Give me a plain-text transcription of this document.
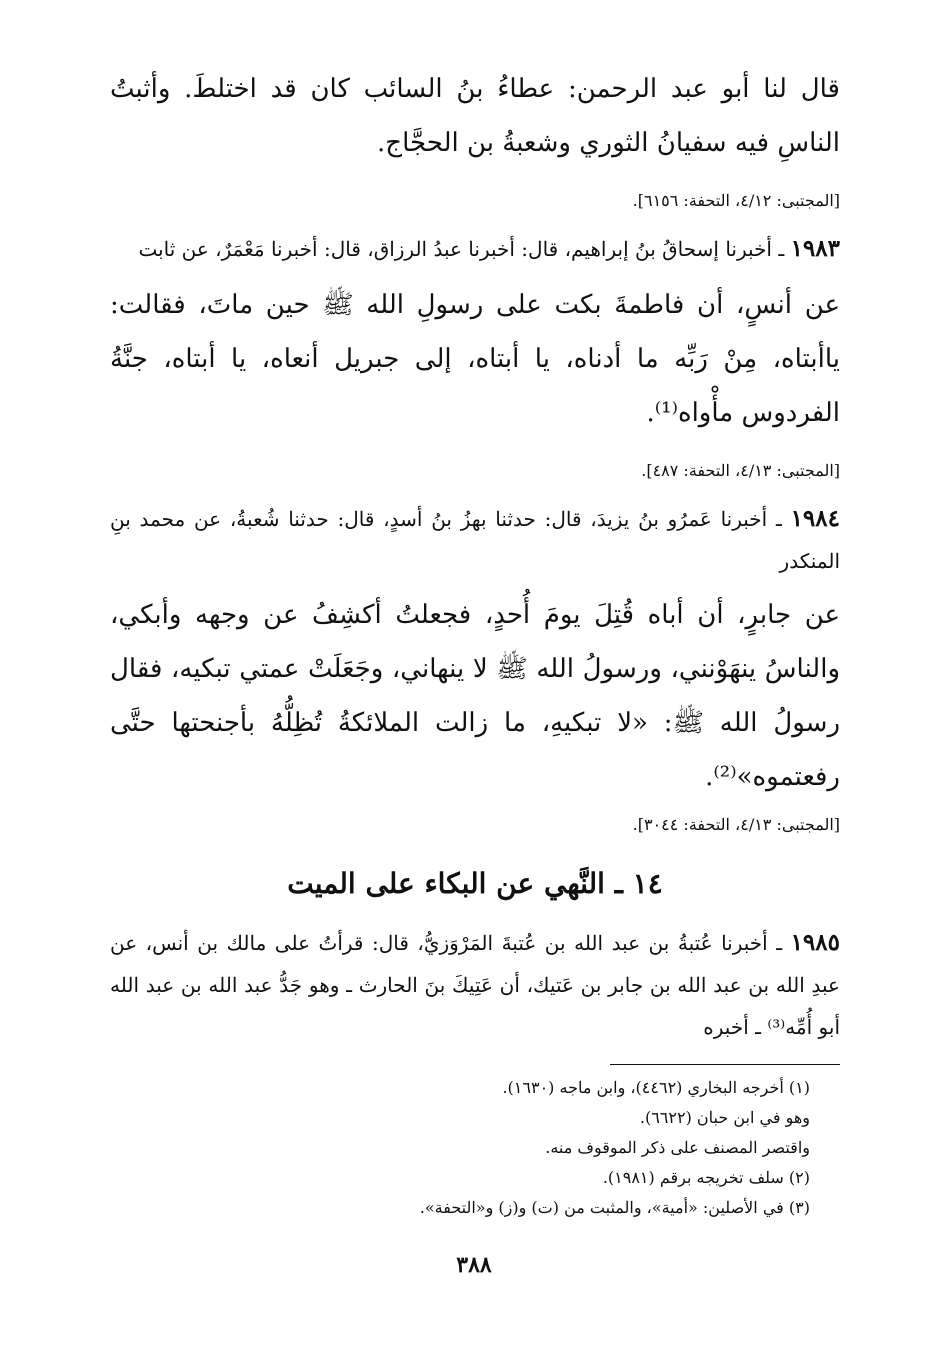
قال لنا أبو عبد الرحمن: عطاءُ بنُ السائب كان قد اختلطَ. وأثبتُ الناسِ فيه سفيانُ الثوري وشعبةُ بن الحجَّاج.

[المجتبى: ٤/١٢، التحفة: ٦١٥٦].

١٩٨٣ ـ أخبرنا إسحاقُ بنُ إبراهيم، قال: أخبرنا عبدُ الرزاق، قال: أخبرنا مَعْمَرٌ، عن ثابت

عن أنسٍ، أن فاطمةَ بكت على رسولِ الله ﷺ حين ماتَ، فقالت: ياأبتاه، مِنْ رَبِّه ما أدناه، يا أبتاه، إلى جبريل أنعاه، يا أبتاه، جنَّةُ الفردوس مأْواه⁽¹⁾.

[المجتبى: ٤/١٣، التحفة: ٤٨٧].

١٩٨٤ ـ أخبرنا عَمرُو بنُ يزيدَ، قال: حدثنا بهزُ بنُ أسدٍ، قال: حدثنا شُعبةُ، عن محمد بنِ المنكدر

عن جابرٍ، أن أباه قُتِلَ يومَ أُحدٍ، فجعلتُ أكشِفُ عن وجهه وأبكي، والناسُ ينهَوْنني، ورسولُ الله ﷺ لا ينهاني، وجَعَلَتْ عمتي تبكيه، فقال رسولُ الله ﷺ: «لا تبكيهِ، ما زالت الملائكةُ تُظِلُّهُ بأجنحتها حتَّى رفعتموه»⁽²⁾.

[المجتبى: ٤/١٣، التحفة: ٣٠٤٤].
١٤ ـ النَّهي عن البكاء على الميت

١٩٨٥ ـ أخبرنا عُتبةُ بن عبد الله بن عُتبةَ المَرْوَزيُّ، قال: قرأتُ على مالك بن أنس، عن عبدِ الله بن عبد الله بن جابر بن عَتيك، أن عَتِيكَ بنَ الحارث ـ وهو جَدُّ عبد الله بن عبد الله أبو أُمِّه⁽³⁾ ـ أخبره

(١) أخرجه البخاري (٤٤٦٢)، وابن ماجه (١٦٣٠).
وهو في ابن حبان (٦٦٢٢).
واقتصر المصنف على ذكر الموقوف منه.
(٢) سلف تخريجه برقم (١٩٨١).
(٣) في الأصلين: «أمية»، والمثبت من (ت) و(ز) و«التحفة».
٣٨٨
